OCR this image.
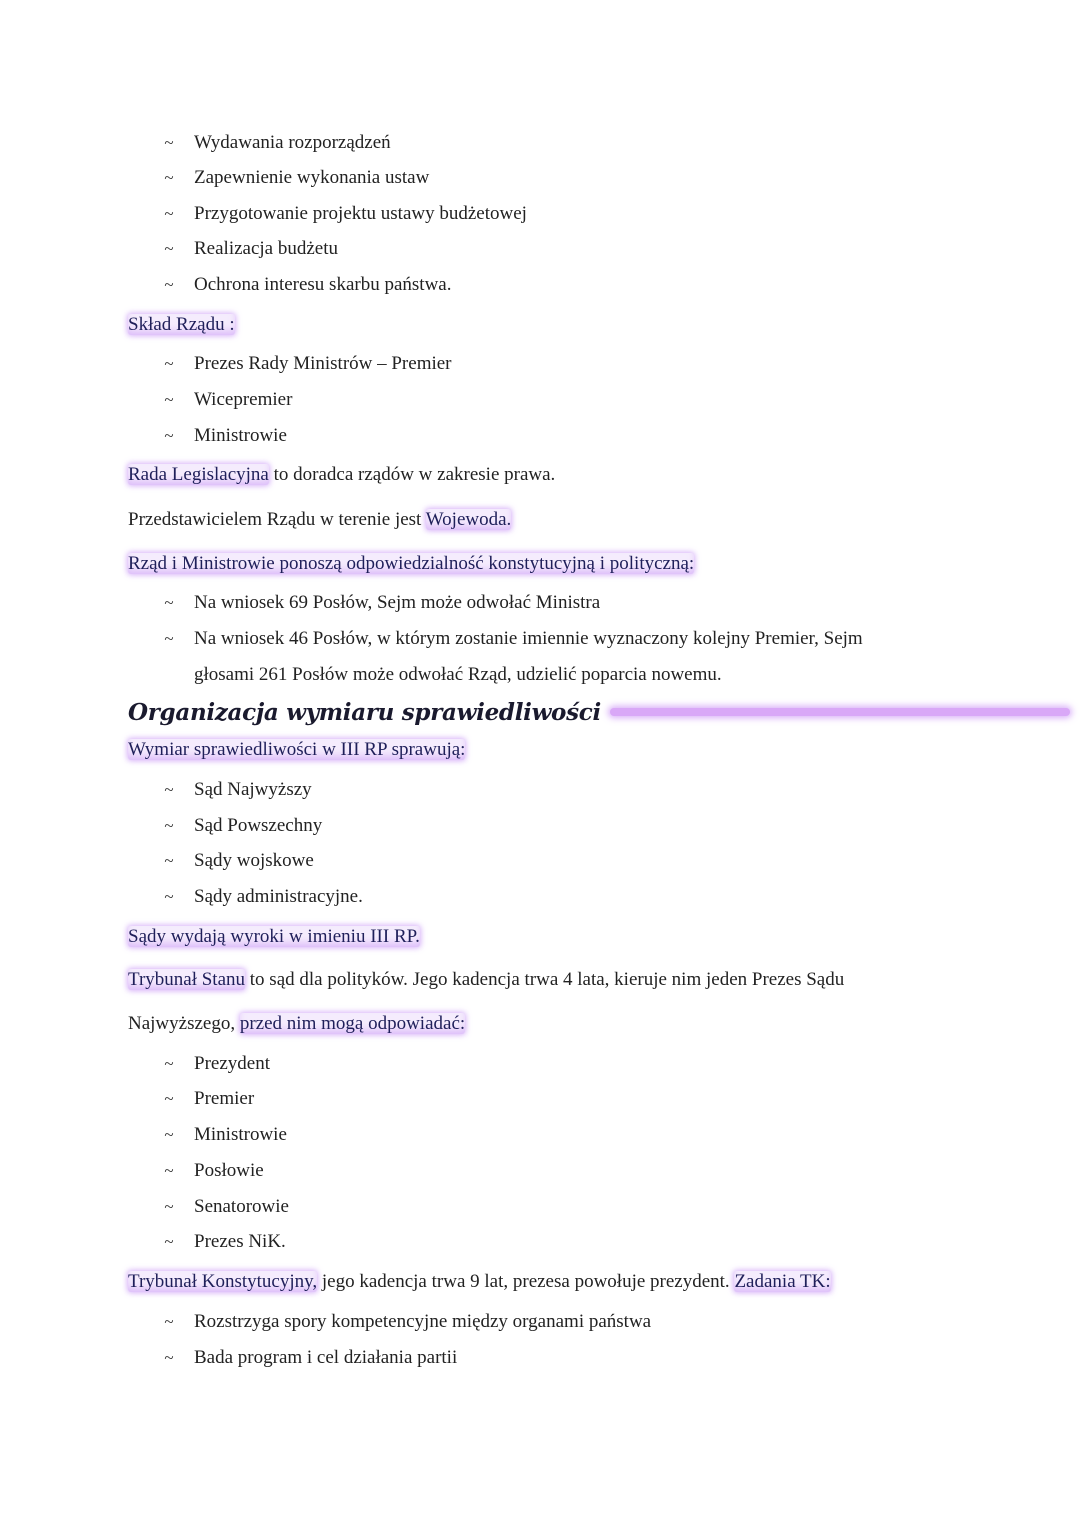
~ Wydawania rozporządzeń
~ Zapewnienie wykonania ustaw
~ Przygotowanie projektu ustawy budżetowej
~ Realizacja budżetu
~ Ochrona interesu skarbu państwa.
Skład Rządu :
~ Prezes Rady Ministrów – Premier
~ Wicepremier
~ Ministrowie
Rada Legislacyjna to doradca rządów w zakresie prawa.
Przedstawicielem Rządu w terenie jest Wojewoda.
Rząd i Ministrowie ponoszą odpowiedzialność konstytucyjną i polityczną:
~ Na wniosek 69 Posłów, Sejm może odwołać Ministra
~ Na wniosek 46 Posłów, w którym zostanie imiennie wyznaczony kolejny Premier, Sejm
głosami 261 Posłów może odwołać Rząd, udzielić poparcia nowemu.
Organizacja wymiaru sprawiedliwości
Wymiar sprawiedliwości w III RP sprawują:
~ Sąd Najwyższy
~ Sąd Powszechny
~ Sądy wojskowe
~ Sądy administracyjne.
Sądy wydają wyroki w imieniu III RP.
Trybunał Stanu to sąd dla polityków. Jego kadencja trwa 4 lata, kieruje nim jeden Prezes Sądu
Najwyższego, przed nim mogą odpowiadać:
~ Prezydent
~ Premier
~ Ministrowie
~ Posłowie
~ Senatorowie
~ Prezes NiK.
Trybunał Konstytucyjny, jego kadencja trwa 9 lat, prezesa powołuje prezydent. Zadania TK:
~ Rozstrzyga spory kompetencyjne między organami państwa
~ Bada program i cel działania partii
